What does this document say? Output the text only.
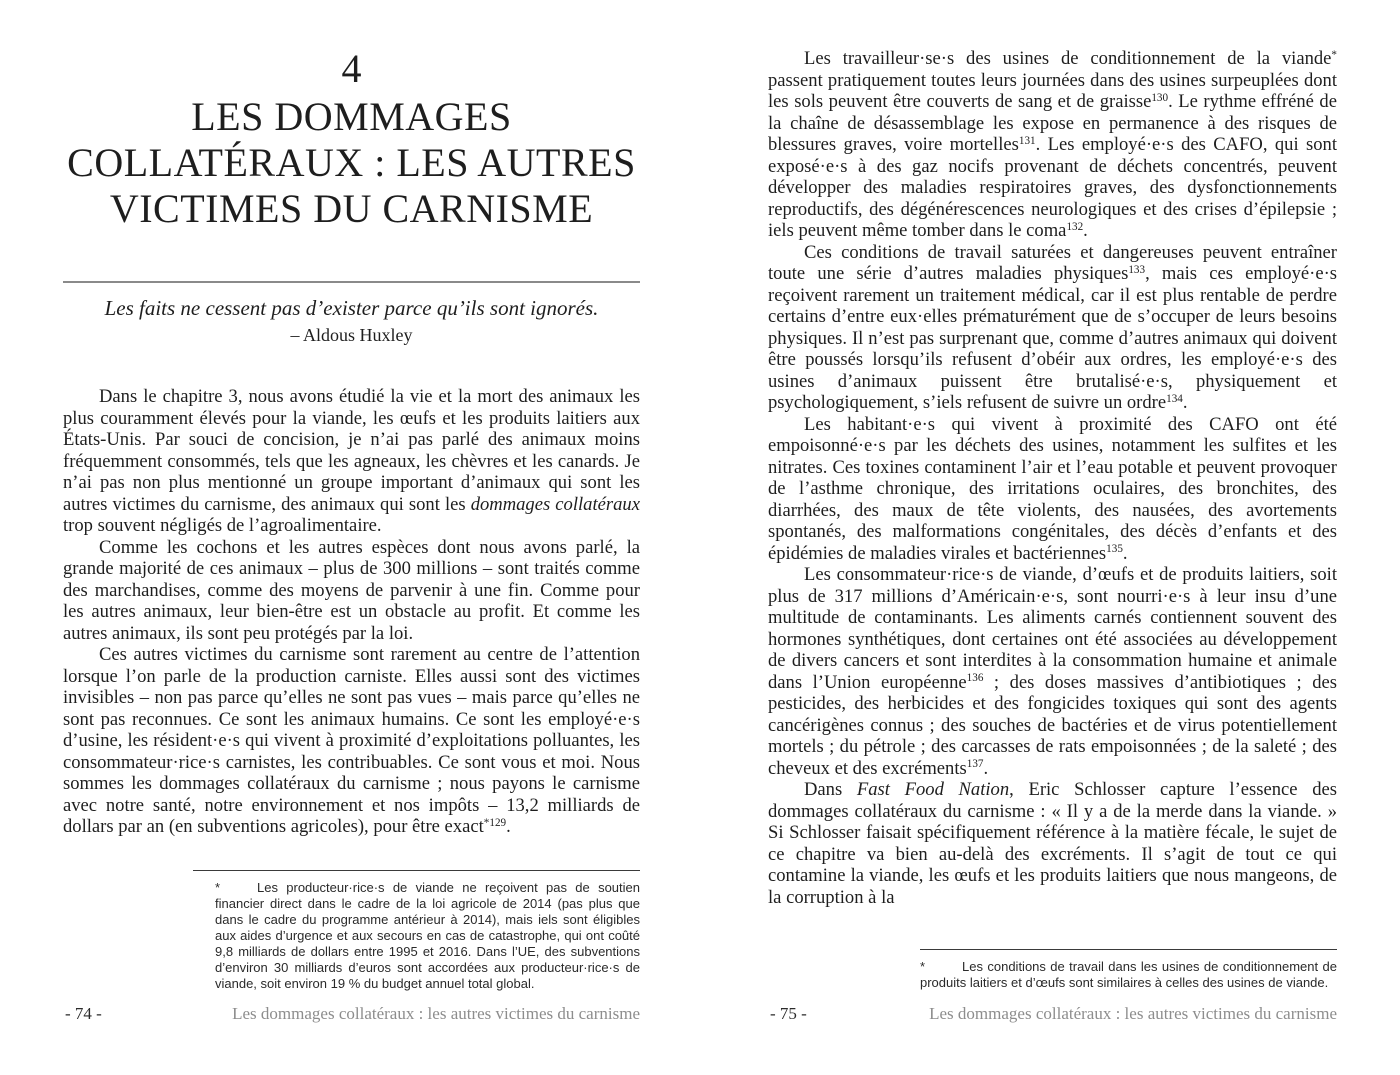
4
LES DOMMAGES
COLLATÉRAUX : LES AUTRES
VICTIMES DU CARNISME
Les faits ne cessent pas d’exister parce qu’ils sont ignorés.
– Aldous Huxley

Dans le chapitre 3, nous avons étudié la vie et la mort des animaux les plus couramment élevés pour la viande, les œufs et les produits laitiers aux États-Unis. Par souci de concision, je n’ai pas parlé des animaux moins fréquemment consommés, tels que les agneaux, les chèvres et les canards. Je n’ai pas non plus mentionné un groupe important d’animaux qui sont les autres victimes du carnisme, des animaux qui sont les dommages collatéraux trop souvent négligés de l’agroalimentaire.

Comme les cochons et les autres espèces dont nous avons parlé, la grande majorité de ces animaux – plus de 300 millions – sont traités comme des marchandises, comme des moyens de parvenir à une fin. Comme pour les autres animaux, leur bien-être est un obstacle au profit. Et comme les autres animaux, ils sont peu protégés par la loi.

Ces autres victimes du carnisme sont rarement au centre de l’attention lorsque l’on parle de la production carniste. Elles aussi sont des victimes invisibles – non pas parce qu’elles ne sont pas vues – mais parce qu’elles ne sont pas reconnues. Ce sont les animaux humains. Ce sont les employé·e·s d’usine, les résident·e·s qui vivent à proximité d’exploitations polluantes, les consommateur·rice·s carnistes, les contribuables. Ce sont vous et moi. Nous sommes les dommages collatéraux du carnisme ; nous payons le carnisme avec notre santé, notre environnement et nos impôts – 13,2 milliards de dollars par an (en subventions agricoles), pour être exact$^{*129}$.

*	Les producteur·rice·s de viande ne reçoivent pas de soutien financier direct dans le cadre de la loi agricole de 2014 (pas plus que dans le cadre du programme antérieur à 2014), mais iels sont éligibles aux aides d’urgence et aux secours en cas de catastrophe, qui ont coûté 9,8 milliards de dollars entre 1995 et 2016. Dans l’UE, des subventions d’environ 30 milliards d’euros sont accordées aux producteur·rice·s de viande, soit environ 19 % du budget annuel total global.

- 74 -	Les dommages collatéraux : les autres victimes du carnisme

Les travailleur·se·s des usines de conditionnement de la viande* passent pratiquement toutes leurs journées dans des usines surpeuplées dont les sols peuvent être couverts de sang et de graisse$^{130}$. Le rythme effréné de la chaîne de désassemblage les expose en permanence à des risques de blessures graves, voire mortelles$^{131}$. Les employé·e·s des CAFO, qui sont exposé·e·s à des gaz nocifs provenant de déchets concentrés, peuvent développer des maladies respiratoires graves, des dysfonctionnements reproductifs, des dégénérescences neurologiques et des crises d’épilepsie ; iels peuvent même tomber dans le coma$^{132}$.

Ces conditions de travail saturées et dangereuses peuvent entraîner toute une série d’autres maladies physiques$^{133}$, mais ces employé·e·s reçoivent rarement un traitement médical, car il est plus rentable de perdre certains d’entre eux·elles prématurément que de s’occuper de leurs besoins physiques. Il n’est pas surprenant que, comme d’autres animaux qui doivent être poussés lorsqu’ils refusent d’obéir aux ordres, les employé·e·s des usines d’animaux puissent être brutalisé·e·s, physiquement et psychologiquement, s’iels refusent de suivre un ordre$^{134}$.

Les habitant·e·s qui vivent à proximité des CAFO ont été empoisonné·e·s par les déchets des usines, notamment les sulfites et les nitrates. Ces toxines contaminent l’air et l’eau potable et peuvent provoquer de l’asthme chronique, des irritations oculaires, des bronchites, des diarrhées, des maux de tête violents, des nausées, des avortements spontanés, des malformations congénitales, des décès d’enfants et des épidémies de maladies virales et bactériennes$^{135}$.

Les consommateur·rice·s de viande, d’œufs et de produits laitiers, soit plus de 317 millions d’Américain·e·s, sont nourri·e·s à leur insu d’une multitude de contaminants. Les aliments carnés contiennent souvent des hormones synthétiques, dont certaines ont été associées au développement de divers cancers et sont interdites à la consommation humaine et animale dans l’Union européenne$^{136}$ ; des doses massives d’antibiotiques ; des pesticides, des herbicides et des fongicides toxiques qui sont des agents cancérigènes connus ; des souches de bactéries et de virus potentiellement mortels ; du pétrole ; des carcasses de rats empoisonnées ; de la saleté ; des cheveux et des excréments$^{137}$.

Dans Fast Food Nation, Eric Schlosser capture l’essence des dommages collatéraux du carnisme : « Il y a de la merde dans la viande. » Si Schlosser faisait spécifiquement référence à la matière fécale, le sujet de ce chapitre va bien au-delà des excréments. Il s’agit de tout ce qui contamine la viande, les œufs et les produits laitiers que nous mangeons, de la corruption à la

*	Les conditions de travail dans les usines de conditionnement de produits laitiers et d’œufs sont similaires à celles des usines de viande.

- 75 -	Les dommages collatéraux : les autres victimes du carnisme
